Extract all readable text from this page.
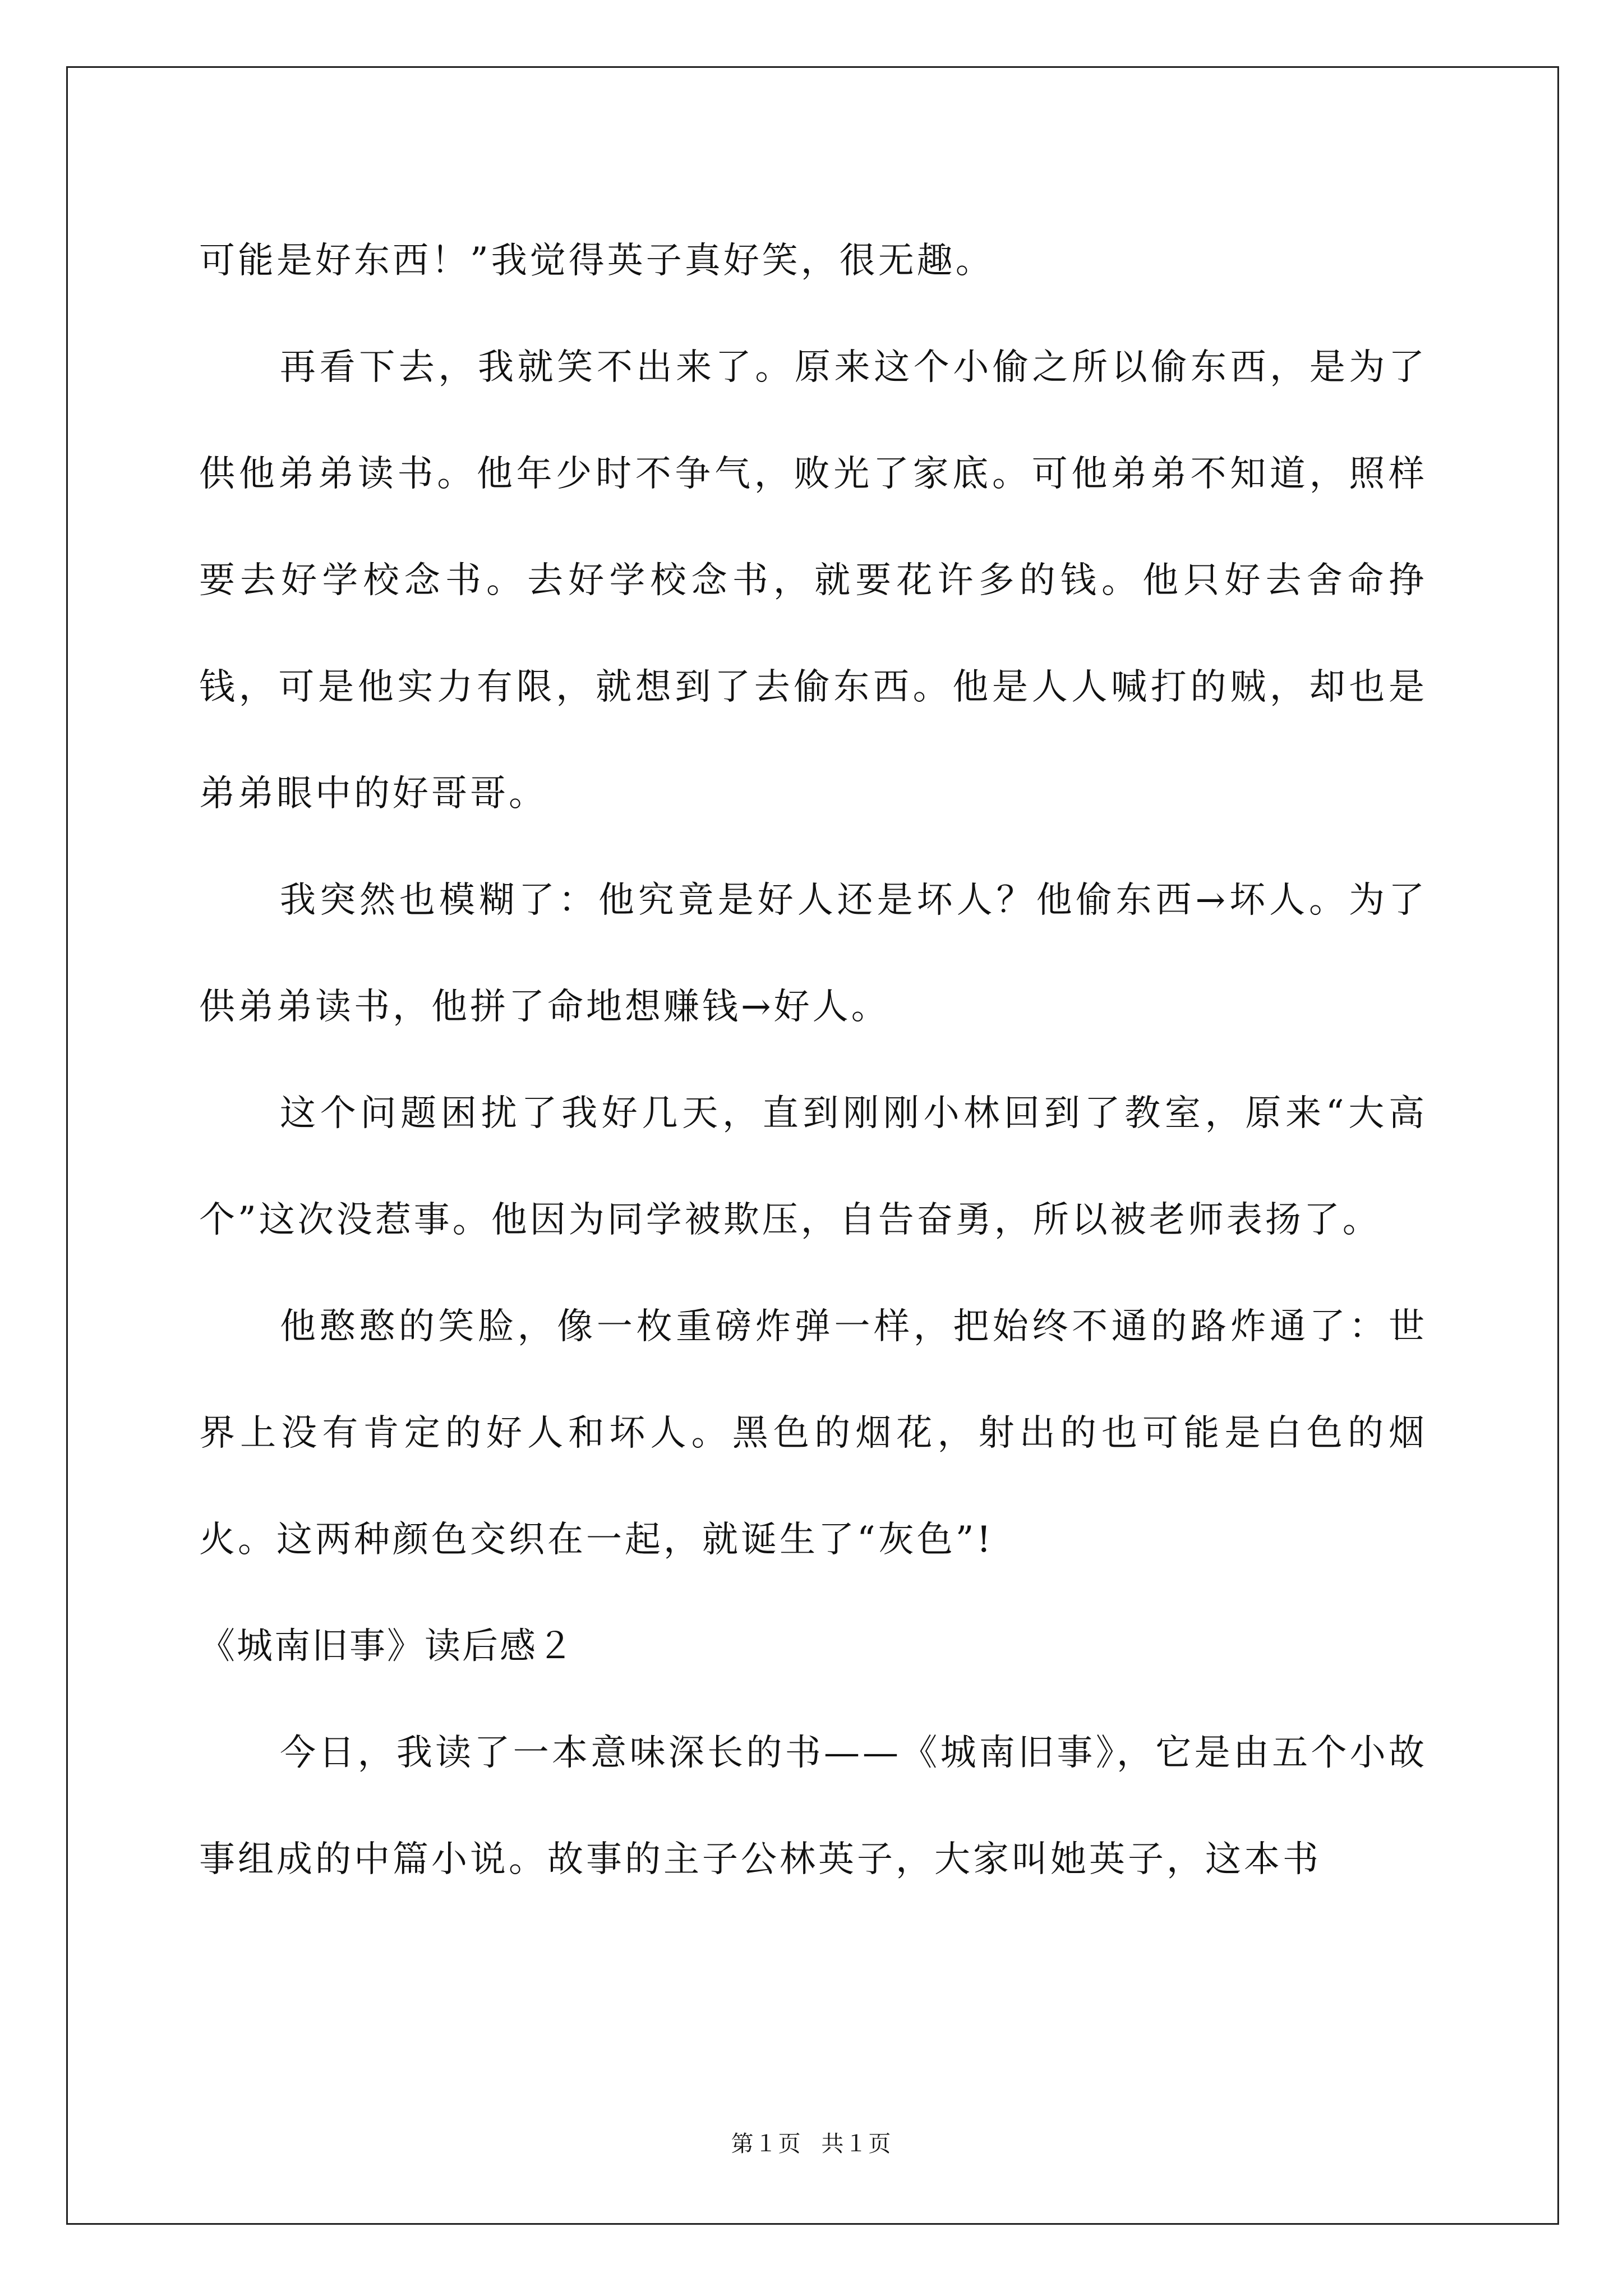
可能是好东西！”我觉得英子真好笑，很无趣。

再看下去，我就笑不出来了。原来这个小偷之所以偷东西，是为了供他弟弟读书。他年少时不争气，败光了家底。可他弟弟不知道，照样要去好学校念书。去好学校念书，就要花许多的钱。他只好去舍命挣钱，可是他实力有限，就想到了去偷东西。他是人人喊打的贼，却也是弟弟眼中的好哥哥。

我突然也模糊了：他究竟是好人还是坏人？他偷东西→坏人。为了供弟弟读书，他拼了命地想赚钱→好人。

这个问题困扰了我好几天，直到刚刚小林回到了教室，原来“大高个”这次没惹事。他因为同学被欺压，自告奋勇，所以被老师表扬了。

他憨憨的笑脸，像一枚重磅炸弹一样，把始终不通的路炸通了：世界上没有肯定的好人和坏人。黑色的烟花，射出的也可能是白色的烟火。这两种颜色交织在一起，就诞生了“灰色”!

《城南旧事》读后感２

今日，我读了一本意味深长的书——《城南旧事》，它是由五个小故事组成的中篇小说。故事的主子公林英子，大家叫她英子，这本书

第１页 共１页
